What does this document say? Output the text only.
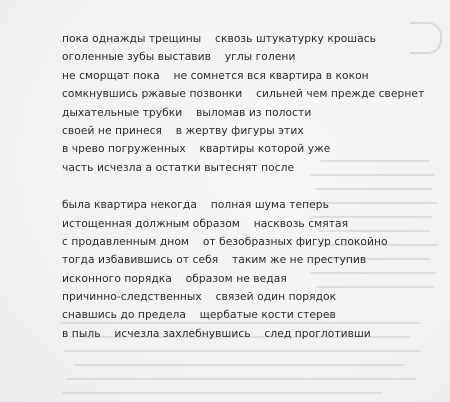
пока однажды трещины    сквозь штукатурку крошась
оголенные зубы выставив    углы голени
не сморщат пока    не сомнется вся квартира в кокон
сомкнувшись ржавые позвонки    сильней чем прежде свернет
дыхательные трубки    выломав из полости
своей не принеся    в жертву фигуры этих
в чрево погруженных    квартиры которой уже
часть исчезла а остатки вытеснят после
была квартира некогда    полная шума теперь
истощенная должным образом    насквозь смятая
с продавленным дном    от безобразных фигур спокойно
тогда избавившись от себя    таким же не преступив
исконного порядка    образом не ведая
причинно-следственных    связей один порядок
снавшись до предела    щербатые кости стерев
в пыль    исчезла захлебнувшись    след проглотивши
